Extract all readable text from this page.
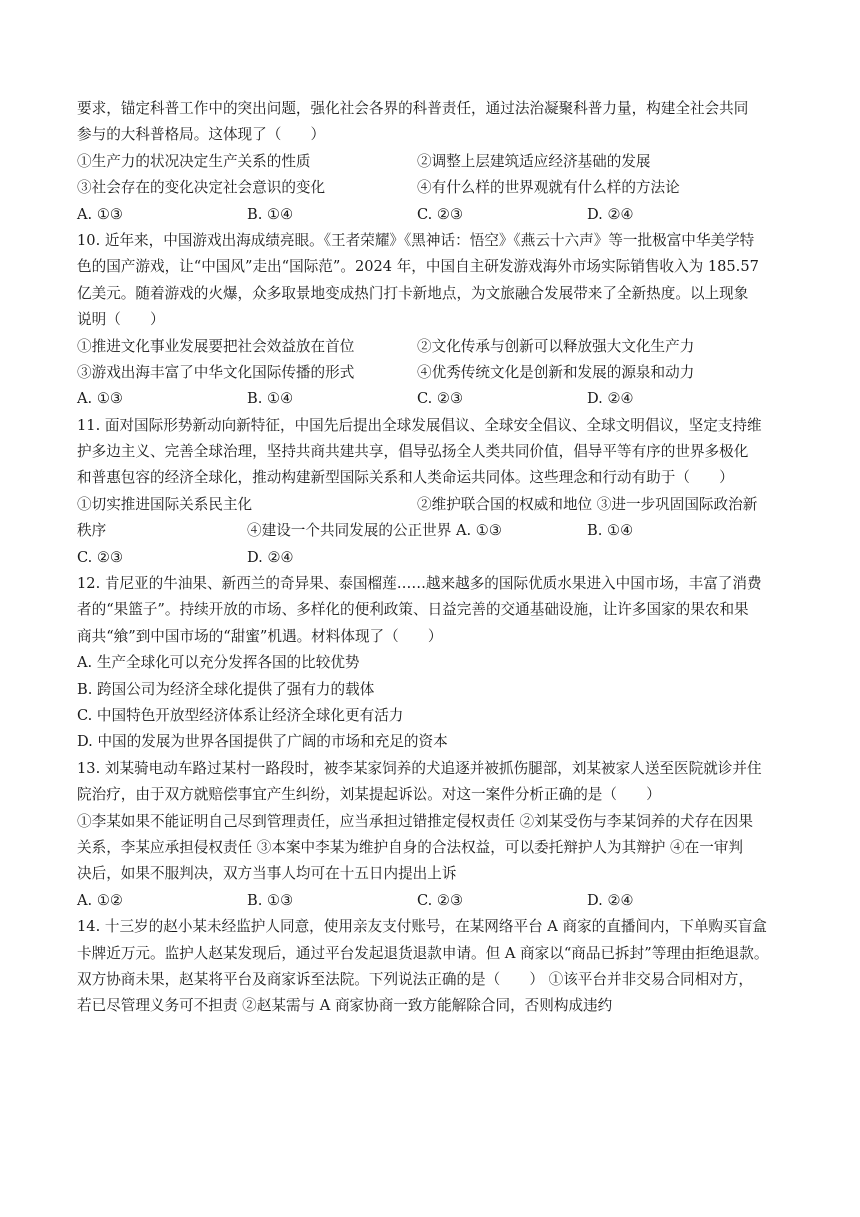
要求，锚定科普工作中的突出问题，强化社会各界的科普责任，通过法治凝聚科普力量，构建全社会共同
参与的大科普格局。这体现了（　　）
①生产力的状况决定生产关系的性质	②调整上层建筑适应经济基础的发展
③社会存在的变化决定社会意识的变化	④有什么样的世界观就有什么样的方法论
A. ①③	B. ①④	C. ②③	D. ②④
10. 近年来，中国游戏出海成绩亮眼。《王者荣耀》《黑神话：悟空》《燕云十六声》等一批极富中华美学特
色的国产游戏，让“中国风”走出“国际范”。2024 年，中国自主研发游戏海外市场实际销售收入为 185.57
亿美元。随着游戏的火爆，众多取景地变成热门打卡新地点，为文旅融合发展带来了全新热度。以上现象
说明（　　）
①推进文化事业发展要把社会效益放在首位	②文化传承与创新可以释放强大文化生产力
③游戏出海丰富了中华文化国际传播的形式	④优秀传统文化是创新和发展的源泉和动力
A. ①③	B. ①④	C. ②③	D. ②④
11. 面对国际形势新动向新特征，中国先后提出全球发展倡议、全球安全倡议、全球文明倡议，坚定支持维
护多边主义、完善全球治理，坚持共商共建共享，倡导弘扬全人类共同价值，倡导平等有序的世界多极化
和普惠包容的经济全球化，推动构建新型国际关系和人类命运共同体。这些理念和行动有助于（　　）
①切实推进国际关系民主化	②维护联合国的权威和地位 ③进一步巩固国际政治新
秩序	④建设一个共同发展的公正世界 A. ①③	B. ①④
C. ②③	D. ②④
12. 肯尼亚的牛油果、新西兰的奇异果、泰国榴莲……越来越多的国际优质水果进入中国市场，丰富了消费
者的“果篮子”。持续开放的市场、多样化的便利政策、日益完善的交通基础设施，让许多国家的果农和果
商共“飨”到中国市场的“甜蜜”机遇。材料体现了（　　）
A. 生产全球化可以充分发挥各国的比较优势
B. 跨国公司为经济全球化提供了强有力的载体
C. 中国特色开放型经济体系让经济全球化更有活力
D. 中国的发展为世界各国提供了广阔的市场和充足的资本
13. 刘某骑电动车路过某村一路段时，被李某家饲养的犬追逐并被抓伤腿部，刘某被家人送至医院就诊并住
院治疗，由于双方就赔偿事宜产生纠纷，刘某提起诉讼。对这一案件分析正确的是（　　）
①李某如果不能证明自己尽到管理责任，应当承担过错推定侵权责任 ②刘某受伤与李某饲养的犬存在因果
关系，李某应承担侵权责任 ③本案中李某为维护自身的合法权益，可以委托辩护人为其辩护 ④在一审判
决后，如果不服判决，双方当事人均可在十五日内提出上诉
A. ①②	B. ①③	C. ②③	D. ②④
14. 十三岁的赵小某未经监护人同意，使用亲友支付账号，在某网络平台 A 商家的直播间内，下单购买盲盒
卡牌近万元。监护人赵某发现后，通过平台发起退货退款申请。但 A 商家以“商品已拆封”等理由拒绝退款。
双方协商未果，赵某将平台及商家诉至法院。下列说法正确的是（　　） ①该平台并非交易合同相对方，
若已尽管理义务可不担责 ②赵某需与 A 商家协商一致方能解除合同，否则构成违约
